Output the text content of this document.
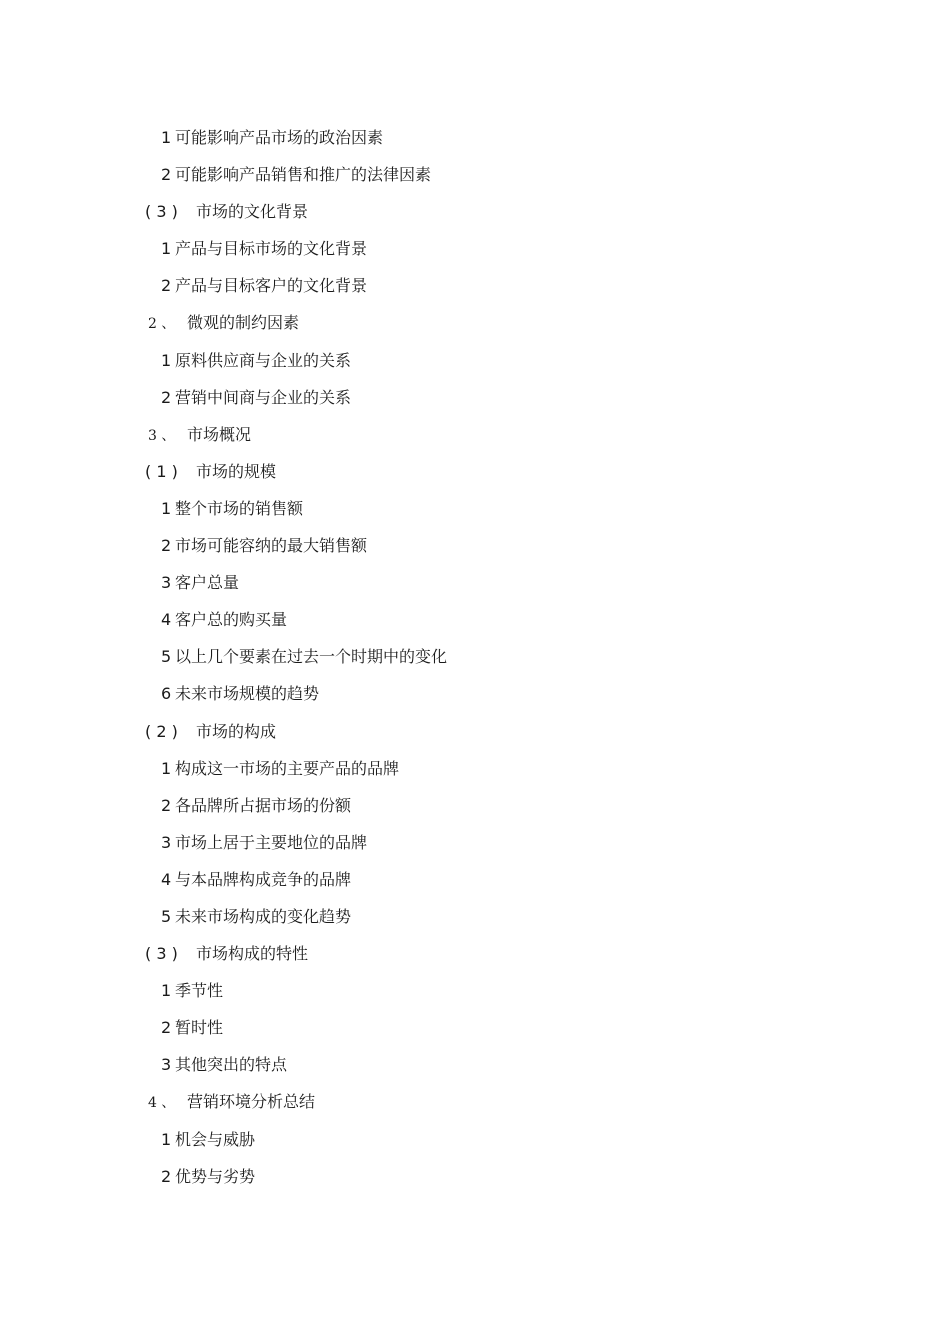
1 可能影响产品市场的政治因素
2 可能影响产品销售和推广的法律因素
( 3 ) 市场的文化背景
1 产品与目标市场的文化背景
2 产品与目标客户的文化背景
2 、 微观的制约因素
1 原料供应商与企业的关系
2 营销中间商与企业的关系
3 、 市场概况
( 1 ) 市场的规模
1 整个市场的销售额
2 市场可能容纳的最大销售额
3 客户总量
4 客户总的购买量
5 以上几个要素在过去一个时期中的变化
6 未来市场规模的趋势
( 2 ) 市场的构成
1 构成这一市场的主要产品的品牌
2 各品牌所占据市场的份额
3 市场上居于主要地位的品牌
4 与本品牌构成竞争的品牌
5 未来市场构成的变化趋势
( 3 ) 市场构成的特性
1 季节性
2 暂时性
3 其他突出的特点
4 、 营销环境分析总结
1 机会与威胁
2 优势与劣势
